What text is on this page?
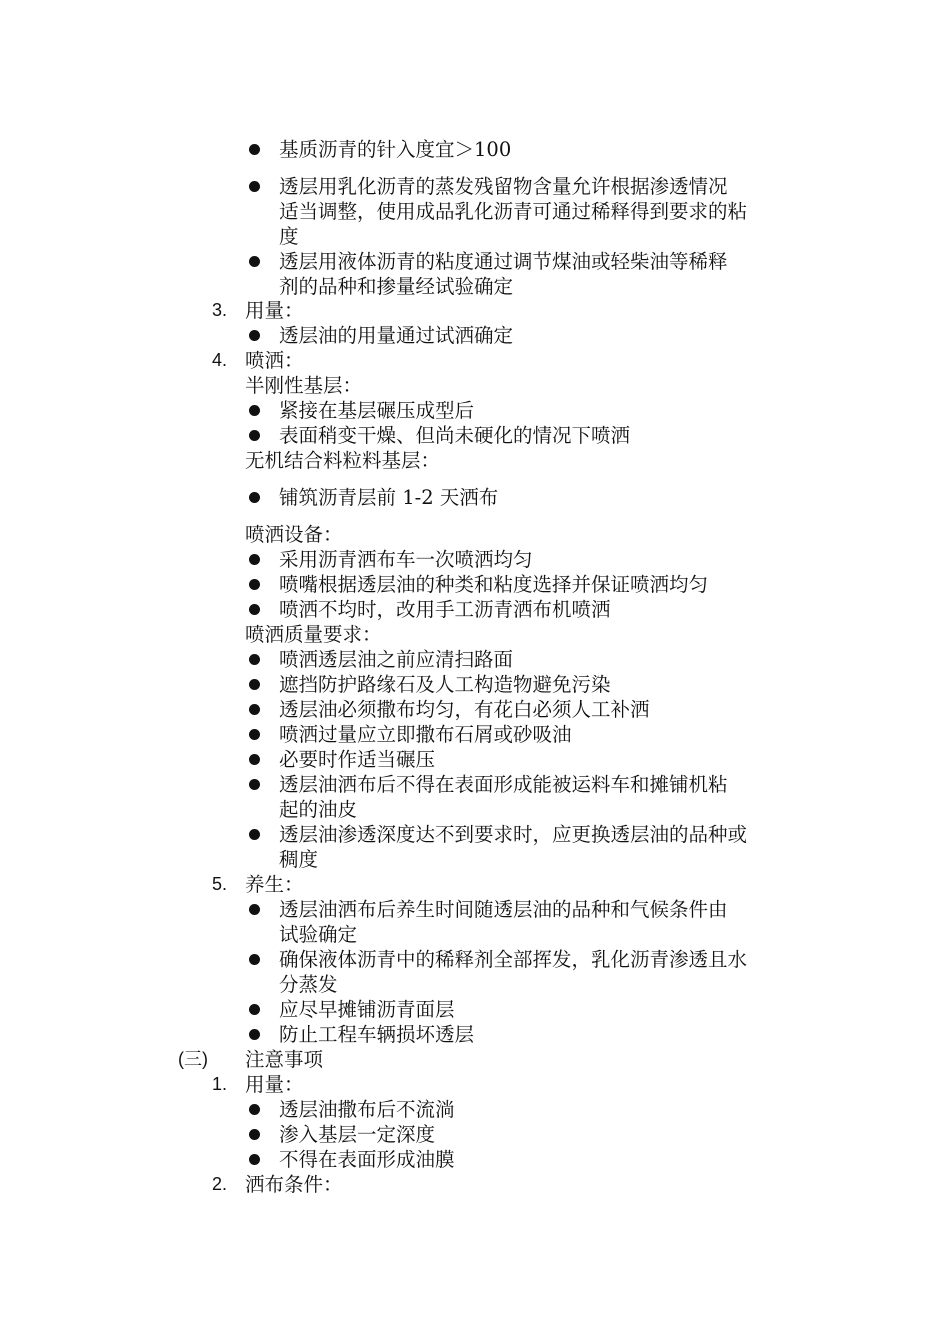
基质沥青的针入度宜＞100
透层用乳化沥青的蒸发残留物含量允许根据渗透情况
适当调整，使用成品乳化沥青可通过稀释得到要求的粘
度
透层用液体沥青的粘度通过调节煤油或轻柴油等稀释
剂的品种和掺量经试验确定
3. 用量：
透层油的用量通过试洒确定
4. 喷洒：
半刚性基层：
紧接在基层碾压成型后
表面稍变干燥、但尚未硬化的情况下喷洒
无机结合料粒料基层：
铺筑沥青层前 1-2 天洒布
喷洒设备：
采用沥青洒布车一次喷洒均匀
喷嘴根据透层油的种类和粘度选择并保证喷洒均匀
喷洒不均时，改用手工沥青洒布机喷洒
喷洒质量要求：
喷洒透层油之前应清扫路面
遮挡防护路缘石及人工构造物避免污染
透层油必须撒布均匀，有花白必须人工补洒
喷洒过量应立即撒布石屑或砂吸油
必要时作适当碾压
透层油洒布后不得在表面形成能被运料车和摊铺机粘
起的油皮
透层油渗透深度达不到要求时，应更换透层油的品种或
稠度
5. 养生：
透层油洒布后养生时间随透层油的品种和气候条件由
试验确定
确保液体沥青中的稀释剂全部挥发，乳化沥青渗透且水
分蒸发
应尽早摊铺沥青面层
防止工程车辆损坏透层
(三) 注意事项
1. 用量：
透层油撒布后不流淌
渗入基层一定深度
不得在表面形成油膜
2. 洒布条件：
